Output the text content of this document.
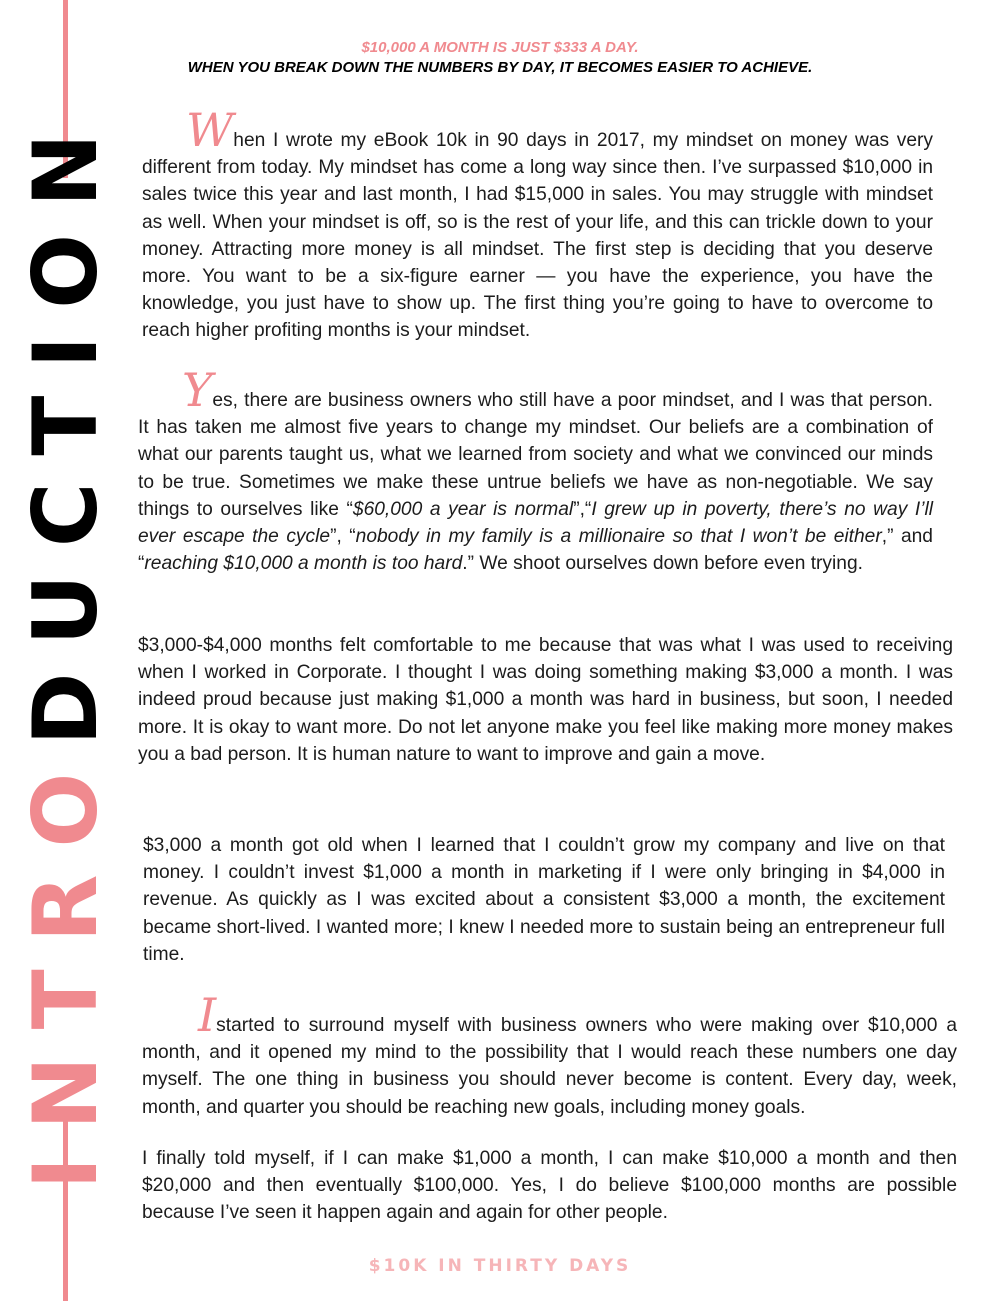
INTRODUCTION
$10,000 A MONTH IS JUST $333 A DAY.
WHEN YOU BREAK DOWN THE NUMBERS BY DAY, IT BECOMES EASIER TO ACHIEVE.

When I wrote my eBook 10k in 90 days in 2017, my mindset on money was very different from today. My mindset has come a long way since then. I’ve surpassed $10,000 in sales twice this year and last month, I had $15,000 in sales. You may struggle with mindset as well. When your mindset is off, so is the rest of your life, and this can trickle down to your money. Attracting more money is all mindset. The first step is deciding that you deserve more. You want to be a six-figure earner — you have the experience, you have the knowledge, you just have to show up. The first thing you’re going to have to overcome to reach higher profiting months is your mindset.

Yes, there are business owners who still have a poor mindset, and I was that person. It has taken me almost five years to change my mindset. Our beliefs are a combination of what our parents taught us, what we learned from society and what we convinced our minds to be true. Sometimes we make these untrue beliefs we have as non-negotiable. We say things to ourselves like “$60,000 a year is normal”,“I grew up in poverty, there’s no way I’ll ever escape the cycle”, “nobody in my family is a millionaire so that I won’t be either,” and “reaching $10,000 a month is too hard.” We shoot ourselves down before even trying.

$3,000-$4,000 months felt comfortable to me because that was what I was used to receiving when I worked in Corporate. I thought I was doing something making $3,000 a month. I was indeed proud because just making $1,000 a month was hard in business, but soon, I needed more. It is okay to want more. Do not let anyone make you feel like making more money makes you a bad person. It is human nature to want to improve and gain a move.

$3,000 a month got old when I learned that I couldn’t grow my company and live on that money. I couldn’t invest $1,000 a month in marketing if I were only bringing in $4,000 in revenue. As quickly as I was excited about a consistent $3,000 a month, the excitement became short-lived. I wanted more; I knew I needed more to sustain being an entrepreneur full time.

Istarted to surround myself with business owners who were making over $10,000 a month, and it opened my mind to the possibility that I would reach these numbers one day myself. The one thing in business you should never become is content. Every day, week, month, and quarter you should be reaching new goals, including money goals.

I finally told myself, if I can make $1,000 a month, I can make $10,000 a month and then $20,000 and then eventually $100,000. Yes, I do believe $100,000 months are possible because I’ve seen it happen again and again for other people.

$10K IN THIRTY DAYS
